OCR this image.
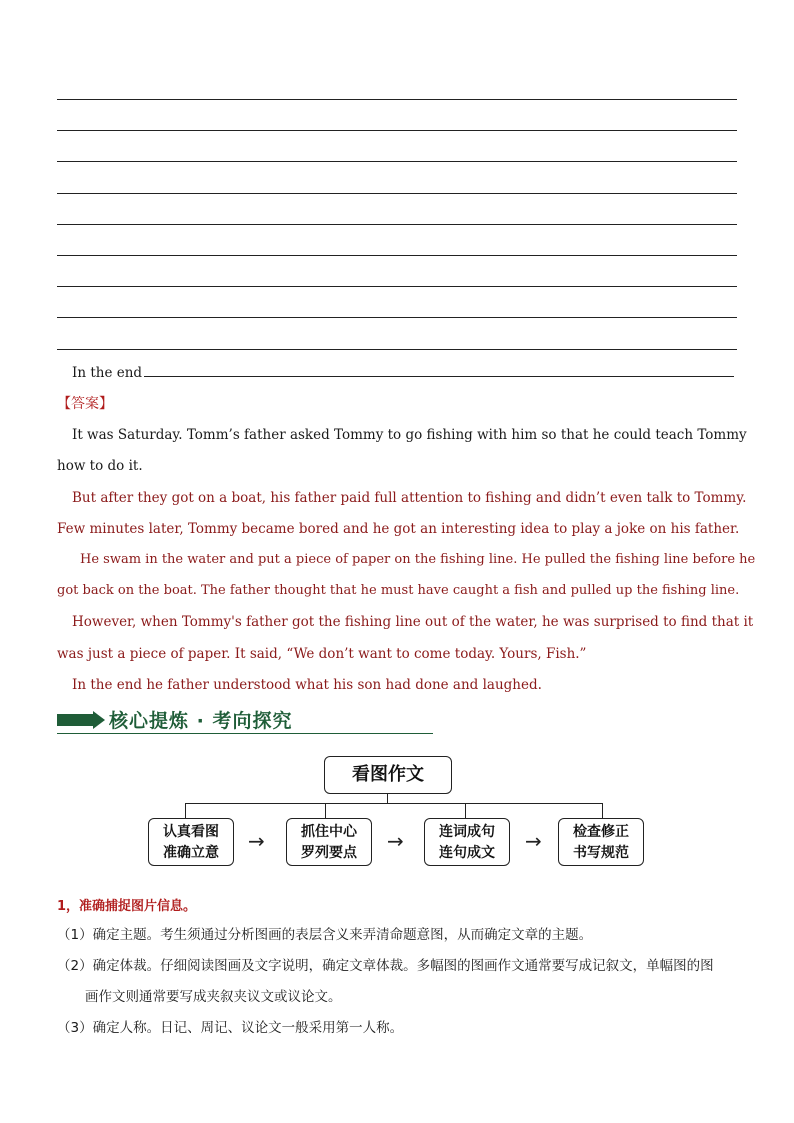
In the end
【答案】
It was Saturday. Tomm’s father asked Tommy to go fishing with him so that he could teach Tommy
how to do it.
But after they got on a boat, his father paid full attention to fishing and didn’t even talk to Tommy.
Few minutes later, Tommy became bored and he got an interesting idea to play a joke on his father.
He swam in the water and put a piece of paper on the fishing line. He pulled the fishing line before he
got back on the boat. The father thought that he must have caught a fish and pulled up the fishing line.
However, when Tommy's father got the fishing line out of the water, he was surprised to find that it
was just a piece of paper. It said, “We don’t want to come today. Yours, Fish.”
In the end he father understood what his son had done and laughed.
核心提炼 · 考向探究
看图作文
认真看图
准确立意	→	抓住中心
罗列要点	→	连词成句
连句成文	→	检查修正
书写规范
1，准确捕捉图片信息。
（1）确定主题。考生须通过分析图画的表层含义来弄清命题意图，从而确定文章的主题。
（2）确定体裁。仔细阅读图画及文字说明，确定文章体裁。多幅图的图画作文通常要写成记叙文，单幅图的图
画作文则通常要写成夹叙夹议文或议论文。
（3）确定人称。日记、周记、议论文一般采用第一人称。
